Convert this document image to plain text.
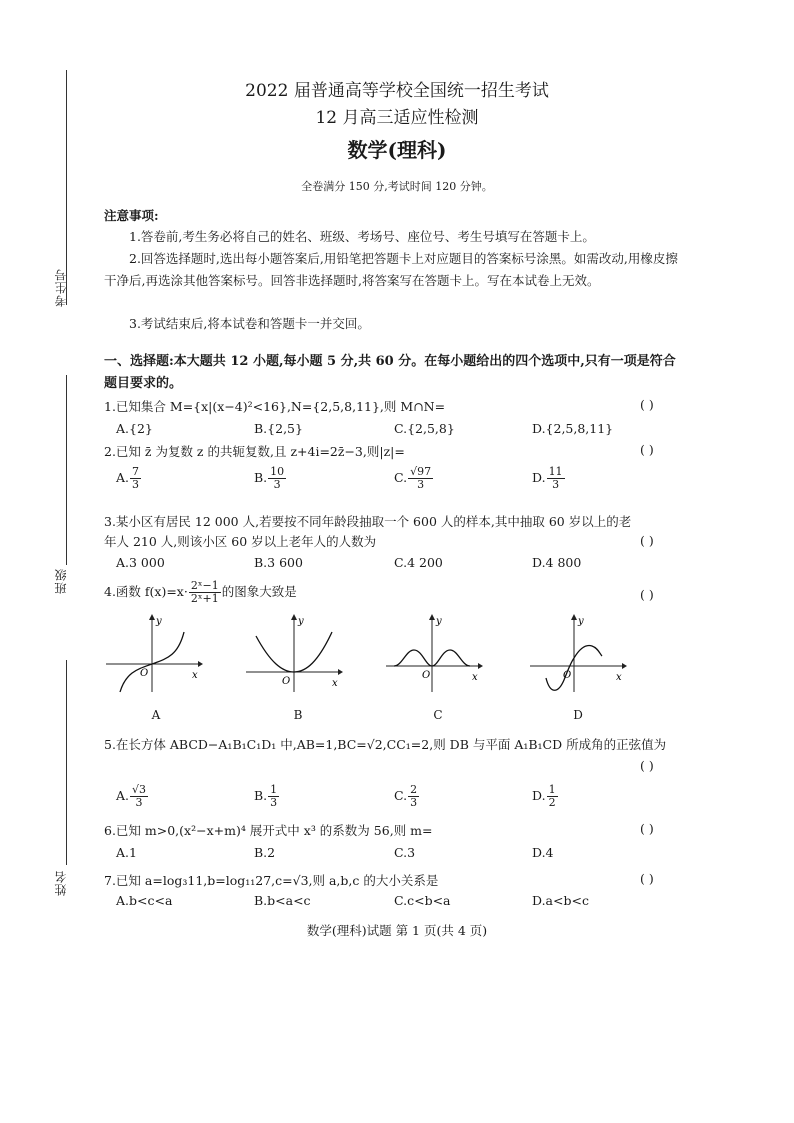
考生号
班级
姓名
2022 届普通高等学校全国统一招生考试
12 月高三适应性检测
数学(理科)
全卷满分 150 分,考试时间 120 分钟。
注意事项:
1.答卷前,考生务必将自己的姓名、班级、考场号、座位号、考生号填写在答题卡上。
2.回答选择题时,选出每小题答案后,用铅笔把答题卡上对应题目的答案标号涂黑。如需改动,用橡皮擦干净后,再选涂其他答案标号。回答非选择题时,将答案写在答题卡上。写在本试卷上无效。
3.考试结束后,将本试卷和答题卡一并交回。
一、选择题:本大题共 12 小题,每小题 5 分,共 60 分。在每小题给出的四个选项中,只有一项是符合题目要求的。
1.已知集合 M={x|(x−4)²<16},N={2,5,8,11},则 M∩N=	( )
A.{2}	B.{2,5}	C.{2,5,8}	D.{2,5,8,11}
2.已知 z̄ 为复数 z 的共轭复数,且 z+4i=2z̄−3,则|z|=	( )
A. $\frac{7}{3}$	B. $\frac{10}{3}$	C. $\frac{√97}{3}$	D. $\frac{11}{3}$
3.某小区有居民 12 000 人,若要按不同年龄段抽取一个 600 人的样本,其中抽取 60 岁以上的老年人 210 人,则该小区 60 岁以上老年人的人数为	( )
A.3 000	B.3 600	C.4 200	D.4 800
4.函数 $f(x)=x\cdot \frac{\text{2ˣ−1}}{\text{2ˣ+1}}$ 的图象大致是	( )
x
y
O
A
x
y
O
B
x
y
O
C
x
y
O
D
5.在长方体 ABCD−A₁B₁C₁D₁ 中,AB=1,BC=√2,CC₁=2,则 DB 与平面 A₁B₁CD 所成角的正弦值为
( )
A. $\frac{√3}{3}$	B. $\frac{1}{3}$	C. $\frac{2}{3}$	D. $\frac{1}{2}$
6.已知 m>0,(x²−x+m)⁴ 展开式中 x³ 的系数为 56,则 m=	( )
A.1	B.2	C.3	D.4
7.已知 a=log₃11,b=log₁₁27,c=√3,则 a,b,c 的大小关系是	( )
A.b<c<a	B.b<a<c	C.c<b<a	D.a<b<c
数学(理科)试题 第 1 页(共 4 页)
